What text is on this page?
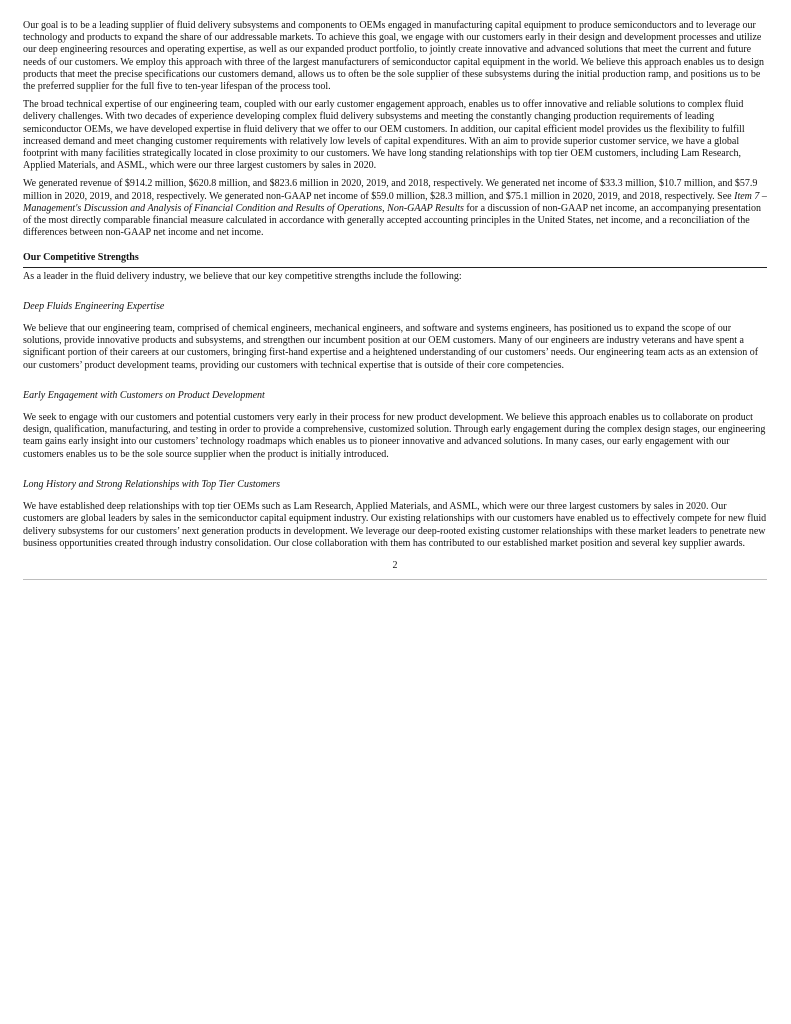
Our goal is to be a leading supplier of fluid delivery subsystems and components to OEMs engaged in manufacturing capital equipment to produce semiconductors and to leverage our technology and products to expand the share of our addressable markets. To achieve this goal, we engage with our customers early in their design and development processes and utilize our deep engineering resources and operating expertise, as well as our expanded product portfolio, to jointly create innovative and advanced solutions that meet the current and future needs of our customers. We employ this approach with three of the largest manufacturers of semiconductor capital equipment in the world. We believe this approach enables us to design products that meet the precise specifications our customers demand, allows us to often be the sole supplier of these subsystems during the initial production ramp, and positions us to be the preferred supplier for the full five to ten-year lifespan of the process tool.

The broad technical expertise of our engineering team, coupled with our early customer engagement approach, enables us to offer innovative and reliable solutions to complex fluid delivery challenges. With two decades of experience developing complex fluid delivery subsystems and meeting the constantly changing production requirements of leading semiconductor OEMs, we have developed expertise in fluid delivery that we offer to our OEM customers. In addition, our capital efficient model provides us the flexibility to fulfill increased demand and meet changing customer requirements with relatively low levels of capital expenditures. With an aim to provide superior customer service, we have a global footprint with many facilities strategically located in close proximity to our customers. We have long standing relationships with top tier OEM customers, including Lam Research, Applied Materials, and ASML, which were our three largest customers by sales in 2020.

We generated revenue of $914.2 million, $620.8 million, and $823.6 million in 2020, 2019, and 2018, respectively. We generated net income of $33.3 million, $10.7 million, and $57.9 million in 2020, 2019, and 2018, respectively. We generated non-GAAP net income of $59.0 million, $28.3 million, and $75.1 million in 2020, 2019, and 2018, respectively. See Item 7 – Management's Discussion and Analysis of Financial Condition and Results of Operations, Non-GAAP Results for a discussion of non-GAAP net income, an accompanying presentation of the most directly comparable financial measure calculated in accordance with generally accepted accounting principles in the United States, net income, and a reconciliation of the differences between non-GAAP net income and net income.

Our Competitive Strengths

As a leader in the fluid delivery industry, we believe that our key competitive strengths include the following:

Deep Fluids Engineering Expertise

We believe that our engineering team, comprised of chemical engineers, mechanical engineers, and software and systems engineers, has positioned us to expand the scope of our solutions, provide innovative products and subsystems, and strengthen our incumbent position at our OEM customers. Many of our engineers are industry veterans and have spent a significant portion of their careers at our customers, bringing first-hand expertise and a heightened understanding of our customers’ needs. Our engineering team acts as an extension of our customers’ product development teams, providing our customers with technical expertise that is outside of their core competencies.

Early Engagement with Customers on Product Development

We seek to engage with our customers and potential customers very early in their process for new product development. We believe this approach enables us to collaborate on product design, qualification, manufacturing, and testing in order to provide a comprehensive, customized solution. Through early engagement during the complex design stages, our engineering team gains early insight into our customers’ technology roadmaps which enables us to pioneer innovative and advanced solutions. In many cases, our early engagement with our customers enables us to be the sole source supplier when the product is initially introduced.

Long History and Strong Relationships with Top Tier Customers

We have established deep relationships with top tier OEMs such as Lam Research, Applied Materials, and ASML, which were our three largest customers by sales in 2020. Our customers are global leaders by sales in the semiconductor capital equipment industry. Our existing relationships with our customers have enabled us to effectively compete for new fluid delivery subsystems for our customers’ next generation products in development. We leverage our deep-rooted existing customer relationships with these market leaders to penetrate new business opportunities created through industry consolidation. Our close collaboration with them has contributed to our established market position and several key supplier awards.

2
